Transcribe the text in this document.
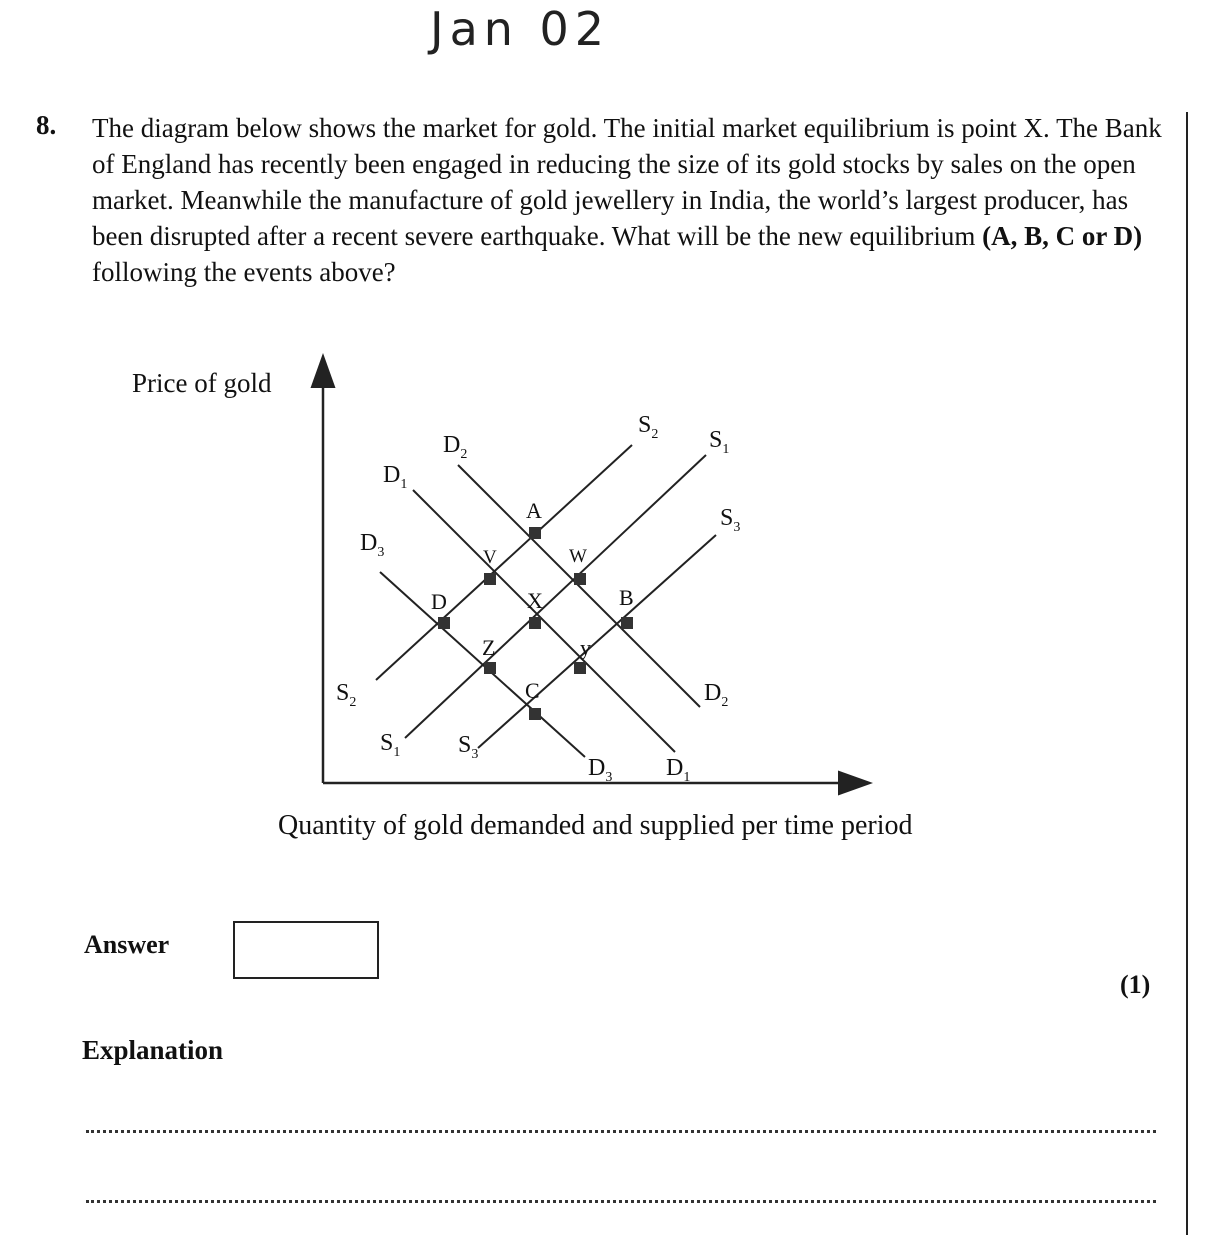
Jan 02
8. The diagram below shows the market for gold. The initial market equilibrium is point X. The Bank of England has recently been engaged in reducing the size of its gold stocks by sales on the open market. Meanwhile the manufacture of gold jewellery in India, the world’s largest producer, has been disrupted after a recent severe earthquake. What will be the new equilibrium (A, B, C or D) following the events above?
Price of gold
$D_1$
$D_2$
$D_3$
$S_2$ $S_1$
$S_3$
$D_2$
$D_3$ $D_1$
$S_2$
$S_1$ $S_3$
A
V	W
D	X	B
Z	y
C
Quantity of gold demanded and supplied per time period
Answer
(1)
Explanation
